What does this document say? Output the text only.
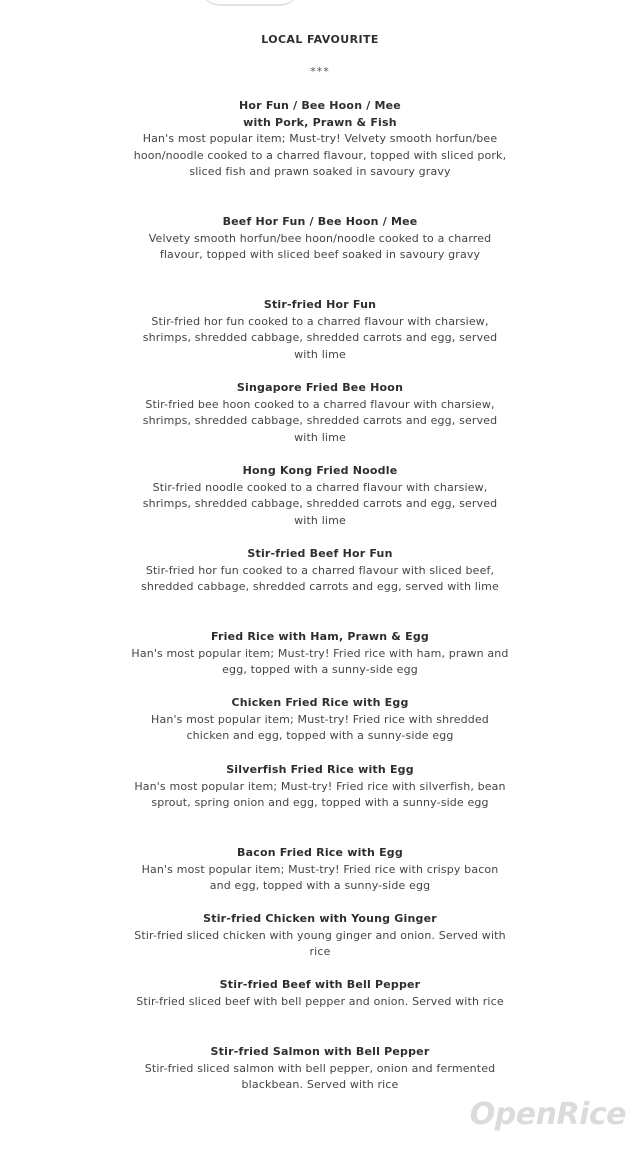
LOCAL FAVOURITE
***

Hor Fun / Bee Hoon / Mee
with Pork, Prawn & Fish

Han's most popular item; Must-try! Velvety smooth horfun/bee hoon/noodle cooked to a charred flavour, topped with sliced pork, sliced fish and prawn soaked in savoury gravy

Beef Hor Fun / Bee Hoon / Mee

Velvety smooth horfun/bee hoon/noodle cooked to a charred flavour, topped with sliced beef soaked in savoury gravy

Stir-fried Hor Fun

Stir-fried hor fun cooked to a charred flavour with charsiew, shrimps, shredded cabbage, shredded carrots and egg, served with lime

Singapore Fried Bee Hoon

Stir-fried bee hoon cooked to a charred flavour with charsiew, shrimps, shredded cabbage, shredded carrots and egg, served with lime

Hong Kong Fried Noodle

Stir-fried noodle cooked to a charred flavour with charsiew, shrimps, shredded cabbage, shredded carrots and egg, served with lime

Stir-fried Beef Hor Fun

Stir-fried hor fun cooked to a charred flavour with sliced beef, shredded cabbage, shredded carrots and egg, served with lime

Fried Rice with Ham, Prawn & Egg

Han's most popular item; Must-try! Fried rice with ham, prawn and egg, topped with a sunny-side egg

Chicken Fried Rice with Egg

Han's most popular item; Must-try! Fried rice with shredded chicken and egg, topped with a sunny-side egg

Silverfish Fried Rice with Egg

Han's most popular item; Must-try! Fried rice with silverfish, bean sprout, spring onion and egg, topped with a sunny-side egg

Bacon Fried Rice with Egg

Han's most popular item; Must-try! Fried rice with crispy bacon and egg, topped with a sunny-side egg

Stir-fried Chicken with Young Ginger

Stir-fried sliced chicken with young ginger and onion. Served with rice

Stir-fried Beef with Bell Pepper

Stir-fried sliced beef with bell pepper and onion. Served with rice

Stir-fried Salmon with Bell Pepper

Stir-fried sliced salmon with bell pepper, onion and fermented blackbean. Served with rice

OpenRice
